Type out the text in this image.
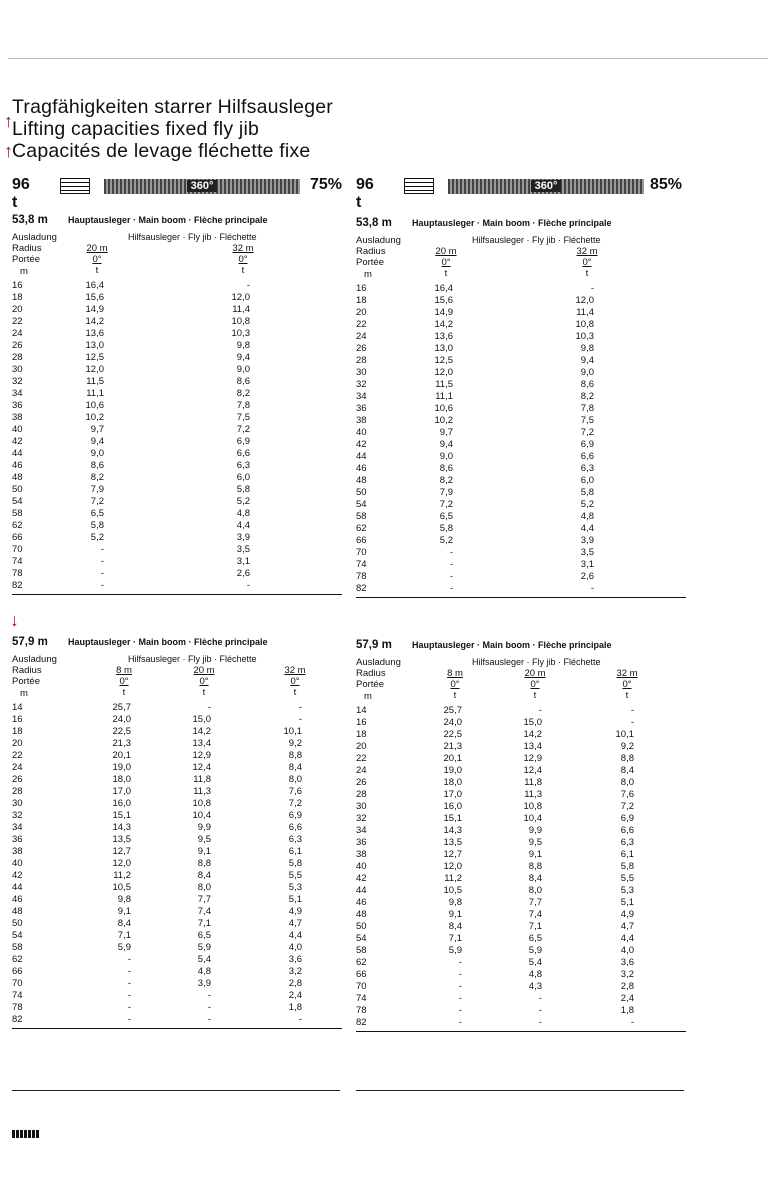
Tragfähigkeiten starrer Hilfsausleger
Lifting capacities fixed fly jib
Capacités de levage fléchette fixe
↑
↑
96 t
360°	75% 96 t
360°	85%
53,8 m Hauptausleger · Main boom · Flèche principale
Ausladung
Radius
Portée
m
Hilfsausleger · Fly jib · Fléchette
20 m
0°
t
32 m
0°
t
16	16,4	-
18	15,6	12,0
20	14,9	11,4
22	14,2	10,8
24	13,6	10,3
26	13,0	9,8
28	12,5	9,4
30	12,0	9,0
32	11,5	8,6
34	11,1	8,2
36	10,6	7,8
38	10,2	7,5
40	9,7	7,2
42	9,4	6,9
44	9,0	6,6
46	8,6	6,3
48	8,2	6,0
50	7,9	5,8
54	7,2	5,2
58	6,5	4,8
62	5,8	4,4
66	5,2	3,9
70	-	3,5
74	-	3,1
78	-	2,6
82	-	-
53,8 m Hauptausleger · Main boom · Flèche principale
Ausladung
Radius
Portée
m
Hilfsausleger · Fly jib · Fléchette
20 m
0°
t
32 m
0°
t
16	16,4	-
18	15,6	12,0
20	14,9	11,4
22	14,2	10,8
24	13,6	10,3
26	13,0	9,8
28	12,5	9,4
30	12,0	9,0
32	11,5	8,6
34	11,1	8,2
36	10,6	7,8
38	10,2	7,5
40	9,7	7,2
42	9,4	6,9
44	9,0	6,6
46	8,6	6,3
48	8,2	6,0
50	7,9	5,8
54	7,2	5,2
58	6,5	4,8
62	5,8	4,4
66	5,2	3,9
70	-	3,5
74	-	3,1
78	-	2,6
82	-	-
57,9 m Hauptausleger · Main boom · Flèche principale
Ausladung
Radius
Portée
m
Hilfsausleger · Fly jib · Fléchette
8 m
0°
t
20 m
0°
t
32 m
0°
t
14	25,7	-	-
16	24,0	15,0	-
18	22,5	14,2	10,1
20	21,3	13,4	9,2
22	20,1	12,9	8,8
24	19,0	12,4	8,4
26	18,0	11,8	8,0
28	17,0	11,3	7,6
30	16,0	10,8	7,2
32	15,1	10,4	6,9
34	14,3	9,9	6,6
36	13,5	9,5	6,3
38	12,7	9,1	6,1
40	12,0	8,8	5,8
42	11,2	8,4	5,5
44	10,5	8,0	5,3
46	9,8	7,7	5,1
48	9,1	7,4	4,9
50	8,4	7,1	4,7
54	7,1	6,5	4,4
58	5,9	5,9	4,0
62	-	5,4	3,6
66	-	4,8	3,2
70	-	3,9	2,8
74	-	-	2,4
78	-	-	1,8
82	-	-	-
57,9 m Hauptausleger · Main boom · Flèche principale
Ausladung
Radius
Portée
m
Hilfsausleger · Fly jib · Fléchette
8 m
0°
t
20 m
0°
t
32 m
0°
t
14	25,7	-	-
16	24,0	15,0	-
18	22,5	14,2	10,1
20	21,3	13,4	9,2
22	20,1	12,9	8,8
24	19,0	12,4	8,4
26	18,0	11,8	8,0
28	17,0	11,3	7,6
30	16,0	10,8	7,2
32	15,1	10,4	6,9
34	14,3	9,9	6,6
36	13,5	9,5	6,3
38	12,7	9,1	6,1
40	12,0	8,8	5,8
42	11,2	8,4	5,5
44	10,5	8,0	5,3
46	9,8	7,7	5,1
48	9,1	7,4	4,9
50	8,4	7,1	4,7
54	7,1	6,5	4,4
58	5,9	5,9	4,0
62	-	5,4	3,6
66	-	4,8	3,2
70	-	4,3	2,8
74	-	-	2,4
78	-	-	1,8
82	-	-	-
↓
